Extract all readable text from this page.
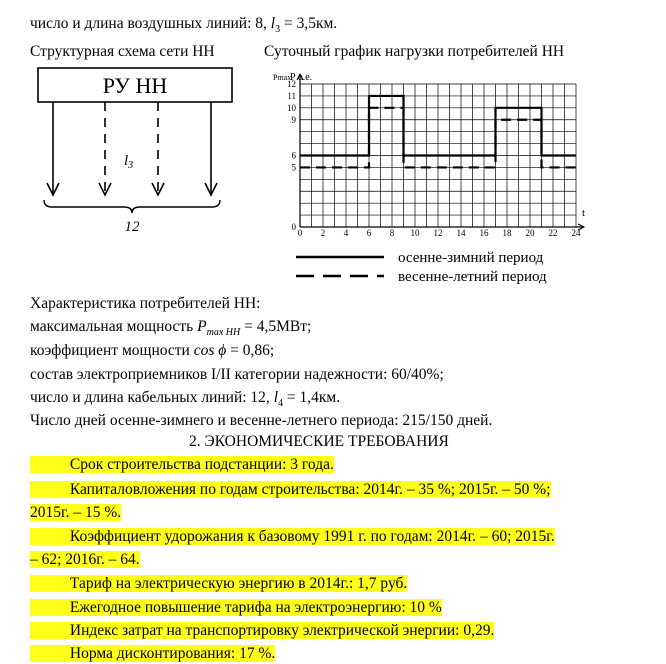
число и длина воздушных линий: 8, $l_3 = 3,5км$.
Структурная схема сети НН	Суточный график нагрузки потребителей НН
РУ НН
$l_3$
12	0 2 4 6 8 10 12 14 16 18 20 22 24
0
5
6
9
10
11
12
Pmax
P о.е.
t
осенне-зимний период
весенне-летний период
Характеристика потребителей НН:
максимальная мощность $P_{max НН} = 4,5МВт$;
коэффициент мощности cos ϕ = 0,86;
состав электроприемников I/II категории надежности: 60/40%;
число и длина кабельных линий: 12, $l_4 = 1,4км$.
Число дней осенне-зимнего и весенне-летнего периода: 215/150 дней.
2. ЭКОНОМИЧЕСКИЕ ТРЕБОВАНИЯ
Срок строительства подстанции: 3 года.
Капиталовложения по годам строительства: 2014г. – 35 %; 2015г. – 50 %;
2015г. – 15 %.
Коэффициент удорожания к базовому 1991 г. по годам: 2014г. – 60; 2015г.
– 62; 2016г. – 64.
Тариф на электрическую энергию в 2014г.: 1,7 руб.
Ежегодное повышение тарифа на электроэнергию: 10 %
Индекс затрат на транспортировку электрической энергии: 0,29.
Норма дисконтирования: 17 %.
